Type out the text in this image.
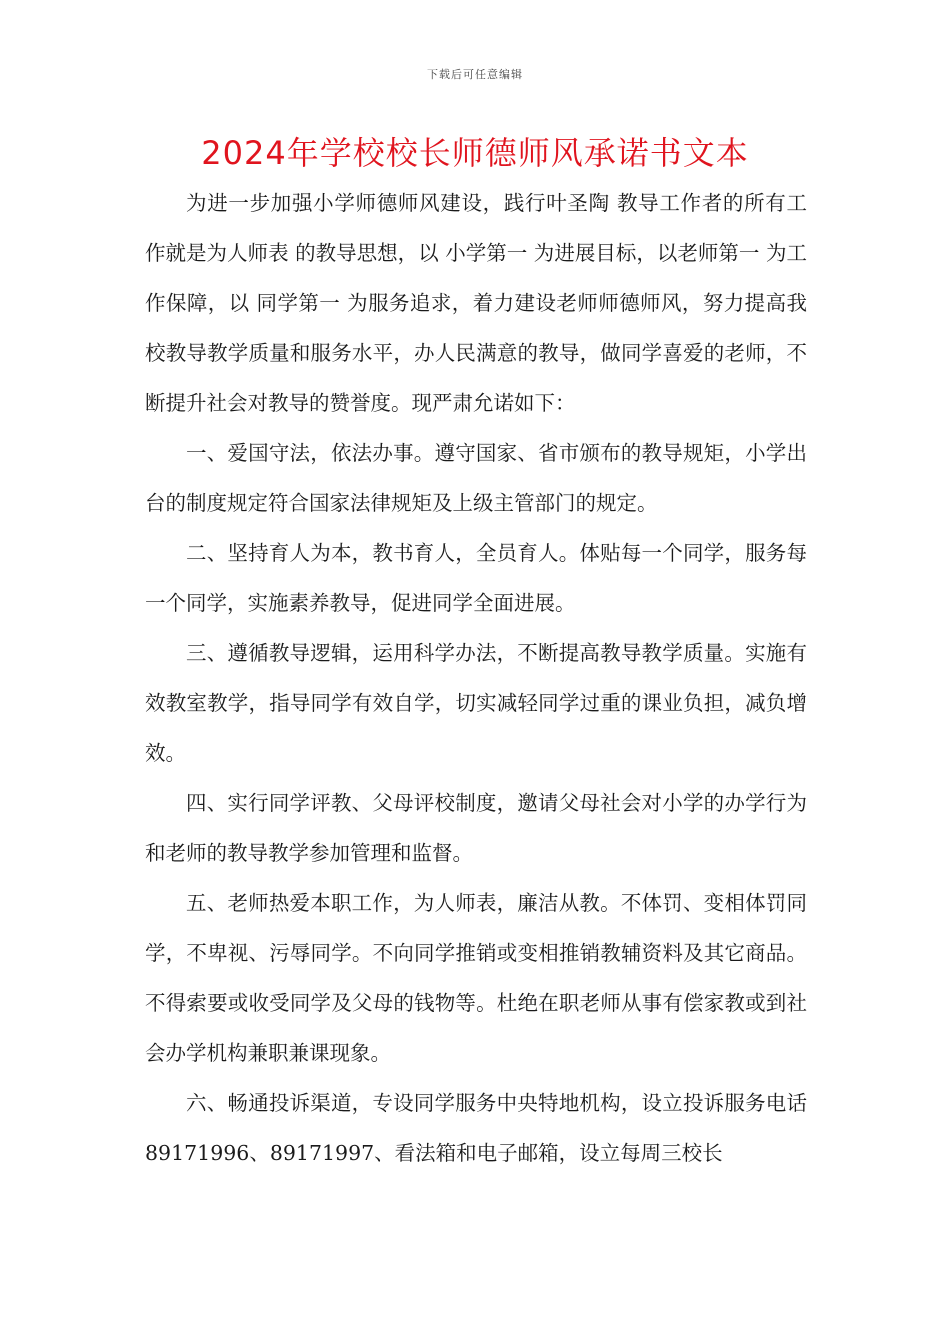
下载后可任意编辑
2024年学校校长师德师风承诺书文本

为进一步加强小学师德师风建设，践行叶圣陶 教导工作者的所有工作就是为人师表 的教导思想，以 小学第一 为进展目标，以老师第一 为工作保障，以 同学第一 为服务追求，着力建设老师师德师风，努力提高我校教导教学质量和服务水平，办人民满意的教导，做同学喜爱的老师，不断提升社会对教导的赞誉度。现严肃允诺如下：

一、爱国守法，依法办事。遵守国家、省市颁布的教导规矩，小学出台的制度规定符合国家法律规矩及上级主管部门的规定。

二、坚持育人为本，教书育人，全员育人。体贴每一个同学，服务每一个同学，实施素养教导，促进同学全面进展。

三、遵循教导逻辑，运用科学办法，不断提高教导教学质量。实施有效教室教学，指导同学有效自学，切实减轻同学过重的课业负担，减负增效。

四、实行同学评教、父母评校制度，邀请父母社会对小学的办学行为和老师的教导教学参加管理和监督。

五、老师热爱本职工作，为人师表，廉洁从教。不体罚、变相体罚同学，不卑视、污辱同学。不向同学推销或变相推销教辅资料及其它商品。不得索要或收受同学及父母的钱物等。杜绝在职老师从事有偿家教或到社会办学机构兼职兼课现象。

六、畅通投诉渠道，专设同学服务中央特地机构，设立投诉服务电话 89171996、89171997、看法箱和电子邮箱，设立每周三校长
